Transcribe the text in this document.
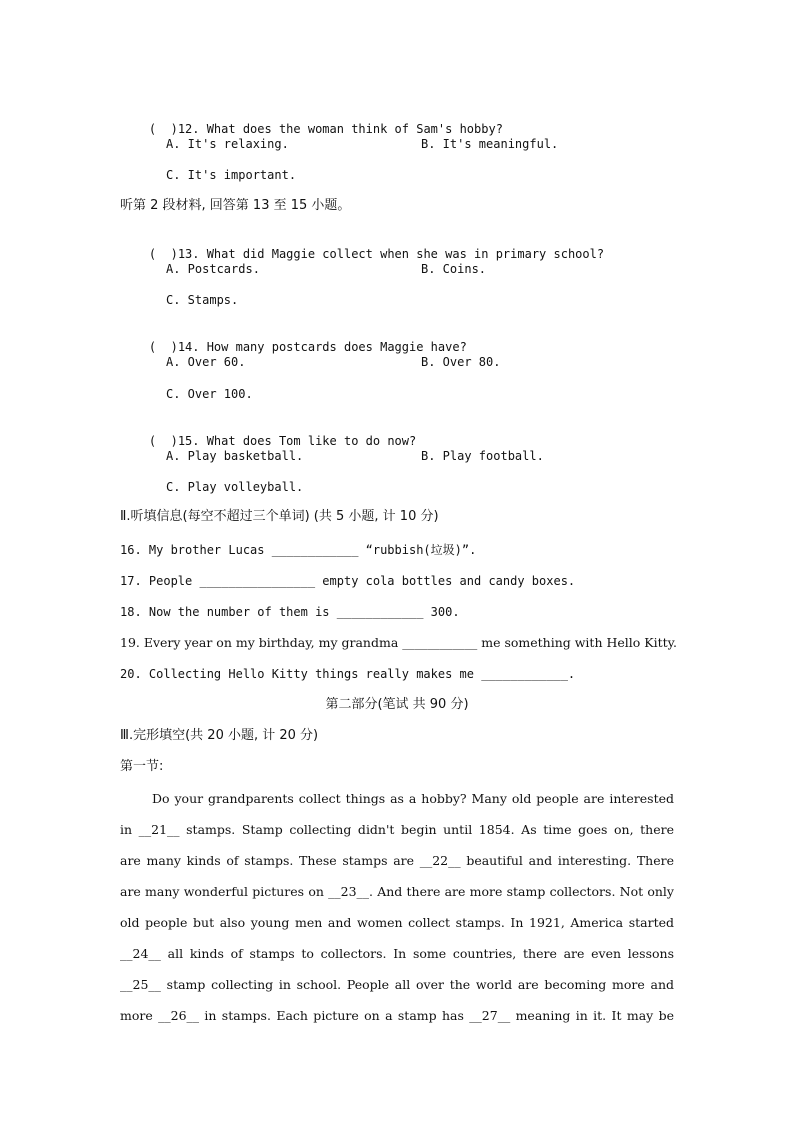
(  )12. What does the woman think of Sam's hobby?

A. It's relaxing.	B. It's meaningful.
C. It's important.
听第 2 段材料, 回答第 13 至 15 小题。

(  )13. What did Maggie collect when she was in primary school?

A. Postcards.	B. Coins.
C. Stamps.

(  )14. How many postcards does Maggie have?

A. Over 60.	B. Over 80.
C. Over 100.

(  )15. What does Tom like to do now?

A. Play basketball.	B. Play football.
C. Play volleyball.
Ⅱ.听填信息(每空不超过三个单词) (共 5 小题, 计 10 分)
16. My brother Lucas ____________ “rubbish(垃圾)”.
17. People ________________ empty cola bottles and candy boxes.
18. Now the number of them is ____________ 300.
19. Every year on my birthday, my grandma ____________ me something with Hello Kitty.
20. Collecting Hello Kitty things really makes me ____________.
第二部分(笔试 共 90 分)
Ⅲ.完形填空(共 20 小题, 计 20 分)
第一节:
Do your grandparents collect things as a hobby? Many old people are interested
in __21__ stamps. Stamp collecting didn't begin until 1854. As time goes on, there
are many kinds of stamps. These stamps are __22__ beautiful and interesting. There
are many wonderful pictures on __23__. And there are more stamp collectors. Not only
old people but also young men and women collect stamps. In 1921, America started
__24__ all kinds of stamps to collectors. In some countries, there are even lessons
__25__ stamp collecting in school. People all over the world are becoming more and
more __26__ in stamps. Each picture on a stamp has __27__ meaning in it. It may be
